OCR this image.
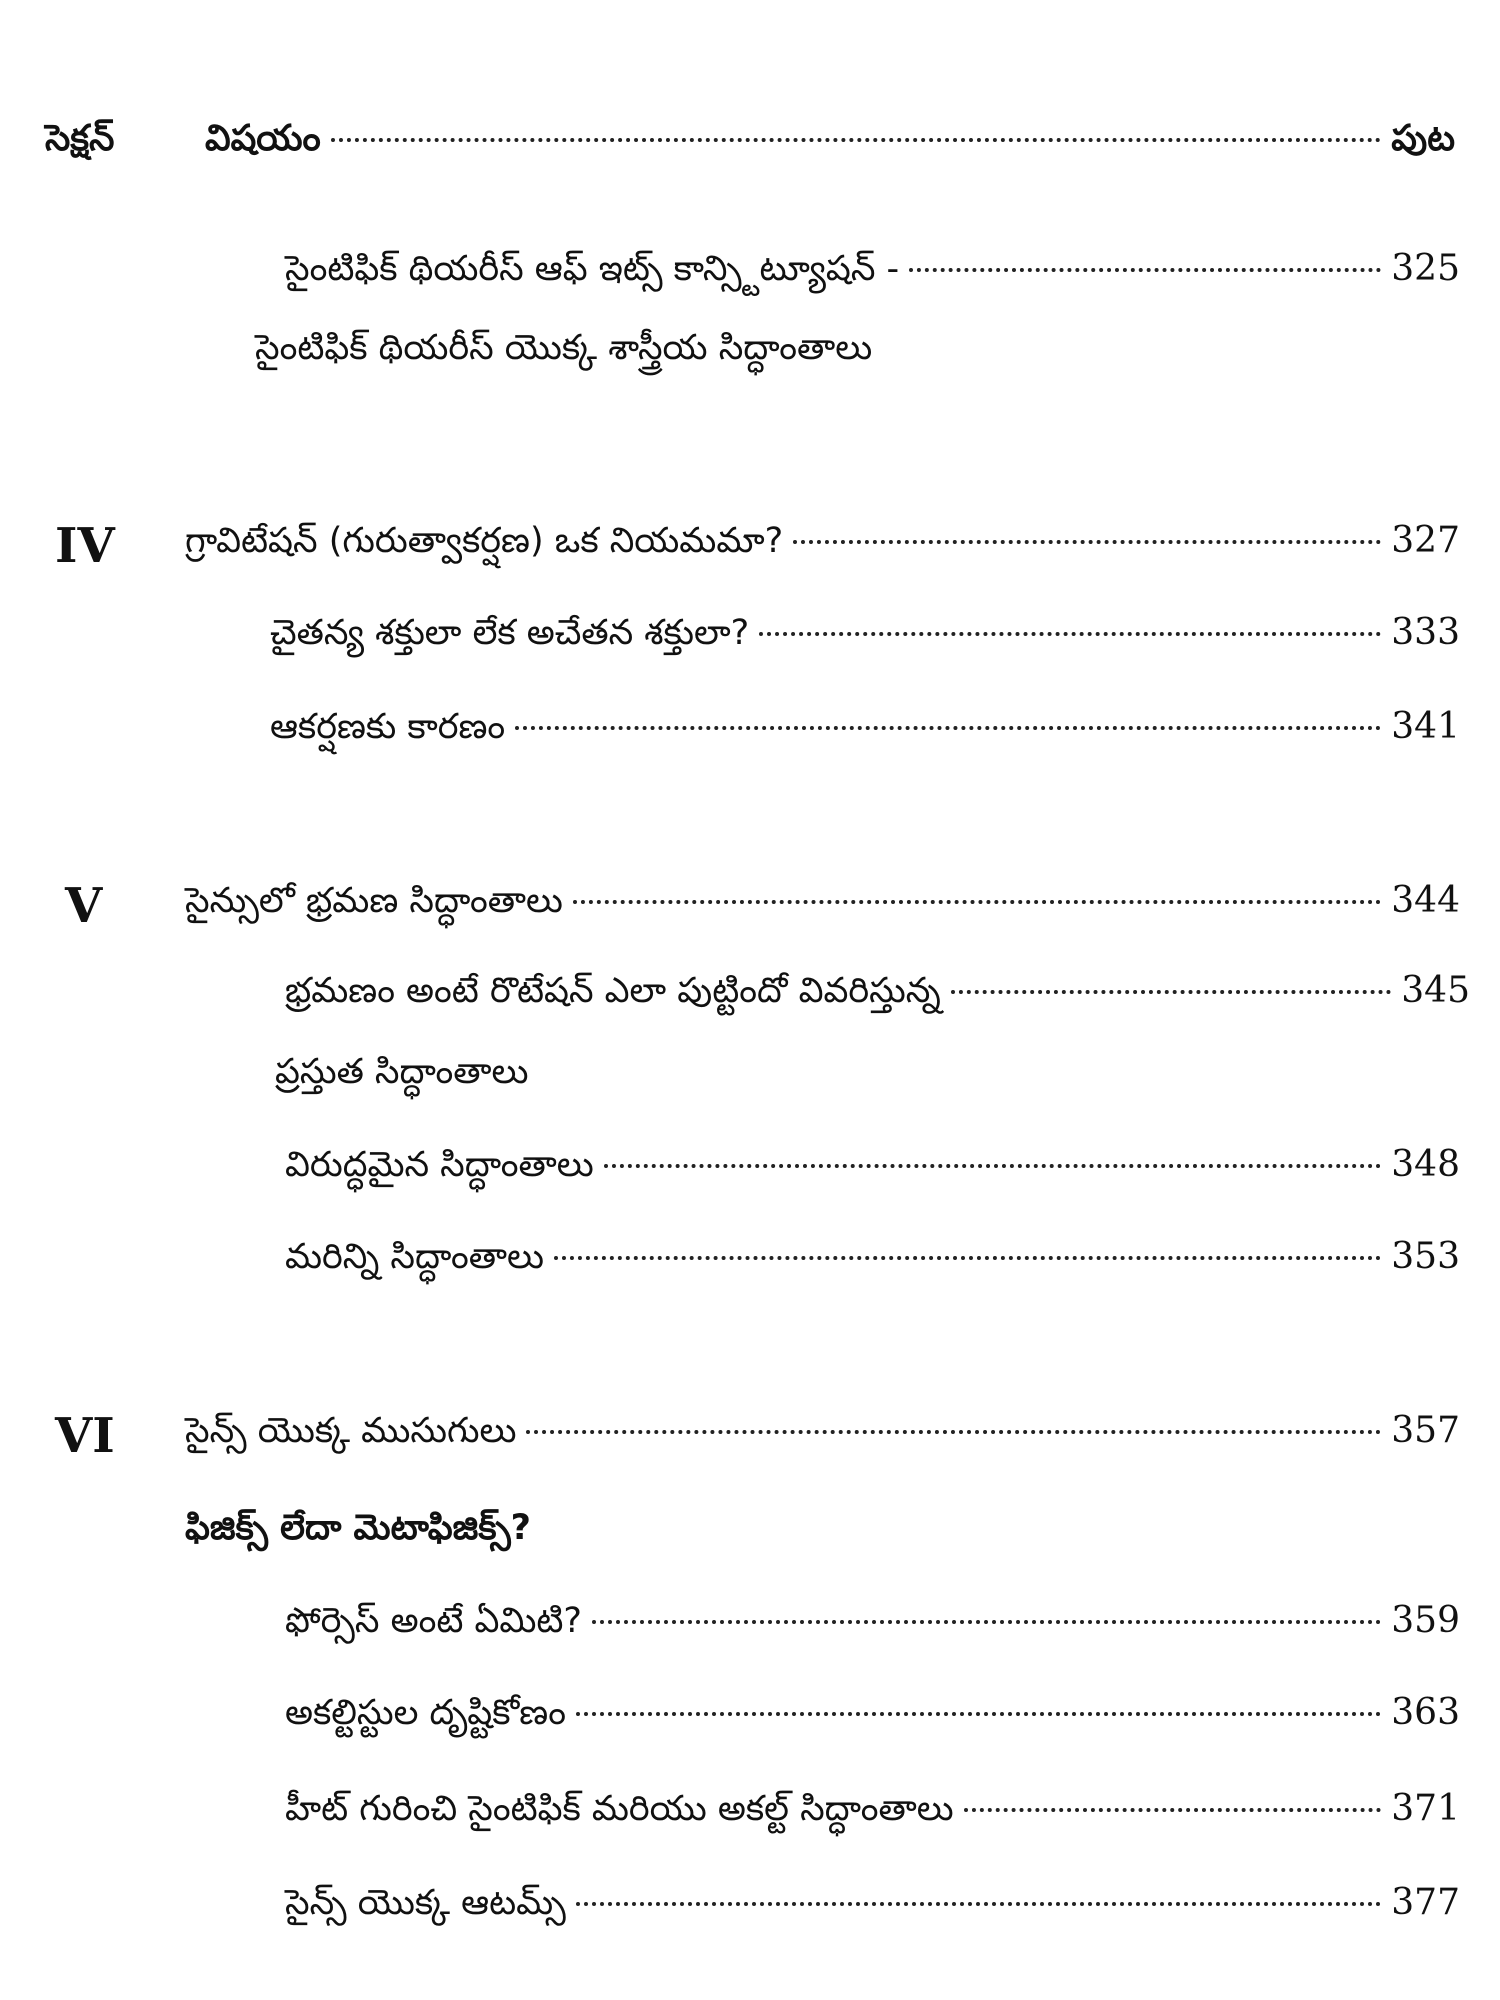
సెక్షన్	విషయం	పుట
సైంటిఫిక్ థియరీస్ ఆఫ్ ఇట్స్ కాన్స్టిట్యూషన్ -	325
సైంటిఫిక్ థియరీస్ యొక్క శాస్త్రీయ సిద్ధాంతాలు
IV గ్రావిటేషన్ (గురుత్వాకర్షణ) ఒక నియమమా?	327
చైతన్య శక్తులా లేక అచేతన శక్తులా?	333
ఆకర్షణకు కారణం	341
V సైన్సులో భ్రమణ సిద్ధాంతాలు	344
భ్రమణం అంటే రొటేషన్ ఎలా పుట్టిందో వివరిస్తున్న	345
ప్రస్తుత సిద్ధాంతాలు
విరుద్ధమైన సిద్ధాంతాలు	348
మరిన్ని సిద్ధాంతాలు	353
VI సైన్స్ యొక్క ముసుగులు	357
ఫిజిక్స్ లేదా మెటాఫిజిక్స్?
ఫోర్సెస్ అంటే ఏమిటి?	359
అకల్టిస్టుల దృష్టికోణం	363
హీట్ గురించి సైంటిఫిక్ మరియు అకల్ట్ సిద్ధాంతాలు	371
సైన్స్ యొక్క ఆటమ్స్	377
